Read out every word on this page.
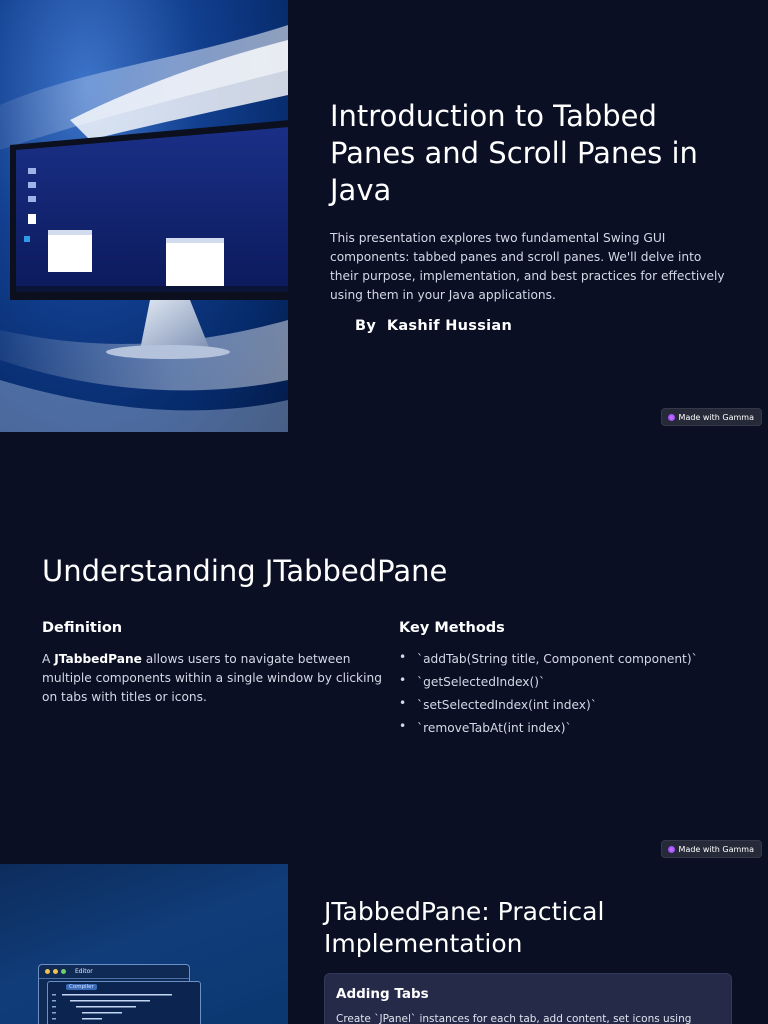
Introduction to Tabbed Panes and Scroll Panes in Java

This presentation explores two fundamental Swing GUI components: tabbed panes and scroll panes. We'll delve into their purpose, implementation, and best practices for effectively using them in your Java applications.

By Kashif Hussian
Made with Gamma
Understanding JTabbedPane
Definition

A JTabbedPane allows users to navigate between multiple components within a single window by clicking on tabs with titles or icons.

Key Methods
• `addTab(String title, Component component)`
• `getSelectedIndex()`
• `setSelectedIndex(int index)`
• `removeTabAt(int index)`
Made with Gamma
Editor
Compiler
JTabbedPane: Practical Implementation
Adding Tabs

Create `JPanel` instances for each tab, add content, set icons using
